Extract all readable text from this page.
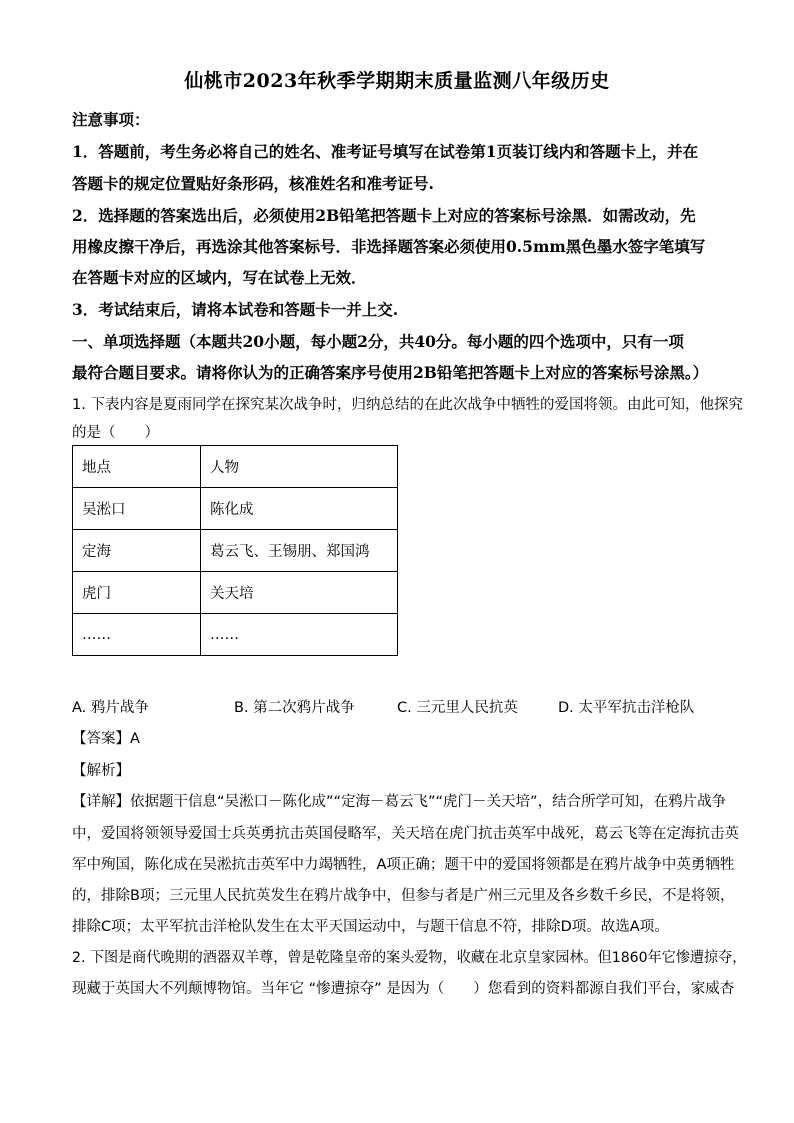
仙桃市2023年秋季学期期末质量监测八年级历史
注意事项：
1．答题前，考生务必将自己的姓名、准考证号填写在试卷第1页装订线内和答题卡上，并在
答题卡的规定位置贴好条形码，核准姓名和准考证号.
2．选择题的答案选出后，必须使用2B铅笔把答题卡上对应的答案标号涂黑．如需改动，先
用橡皮擦干净后，再选涂其他答案标号．非选择题答案必须使用0.5mm黑色墨水签字笔填写
在答题卡对应的区域内，写在试卷上无效．
3．考试结束后，请将本试卷和答题卡一并上交.
一、单项选择题（本题共20小题，每小题2分，共40分。每小题的四个选项中，只有一项
最符合题目要求。请将你认为的正确答案序号使用2B铅笔把答题卡上对应的答案标号涂黑。）
1. 下表内容是夏雨同学在探究某次战争时，归纳总结的在此次战争中牺牲的爱国将领。由此可知，他探究
的是（　　）
地点	人物
吴淞口	陈化成
定海	葛云飞、王锡朋、郑国鸿
虎门	关天培
……	……
A. 鸦片战争	B. 第二次鸦片战争	C. 三元里人民抗英	D. 太平军抗击洋枪队
【答案】A
【解析】
【详解】依据题干信息“吴淞口－陈化成”“定海－葛云飞”“虎门－关天培”，结合所学可知，在鸦片战争
中，爱国将领领导爱国士兵英勇抗击英国侵略军，关天培在虎门抗击英军中战死，葛云飞等在定海抗击英
军中殉国，陈化成在吴淞抗击英军中力竭牺牲，A项正确；题干中的爱国将领都是在鸦片战争中英勇牺牲
的，排除B项；三元里人民抗英发生在鸦片战争中，但参与者是广州三元里及各乡数千乡民，不是将领，
排除C项；太平军抗击洋枪队发生在太平天国运动中，与题干信息不符，排除D项。故选A项。
2. 下图是商代晚期的酒器双羊尊，曾是乾隆皇帝的案头爱物，收藏在北京皇家园林。但1860年它惨遭掠夺，
现藏于英国大不列颠博物馆。当年它 “惨遭掠夺” 是因为（　　）您看到的资料都源自我们平台，家威杏
